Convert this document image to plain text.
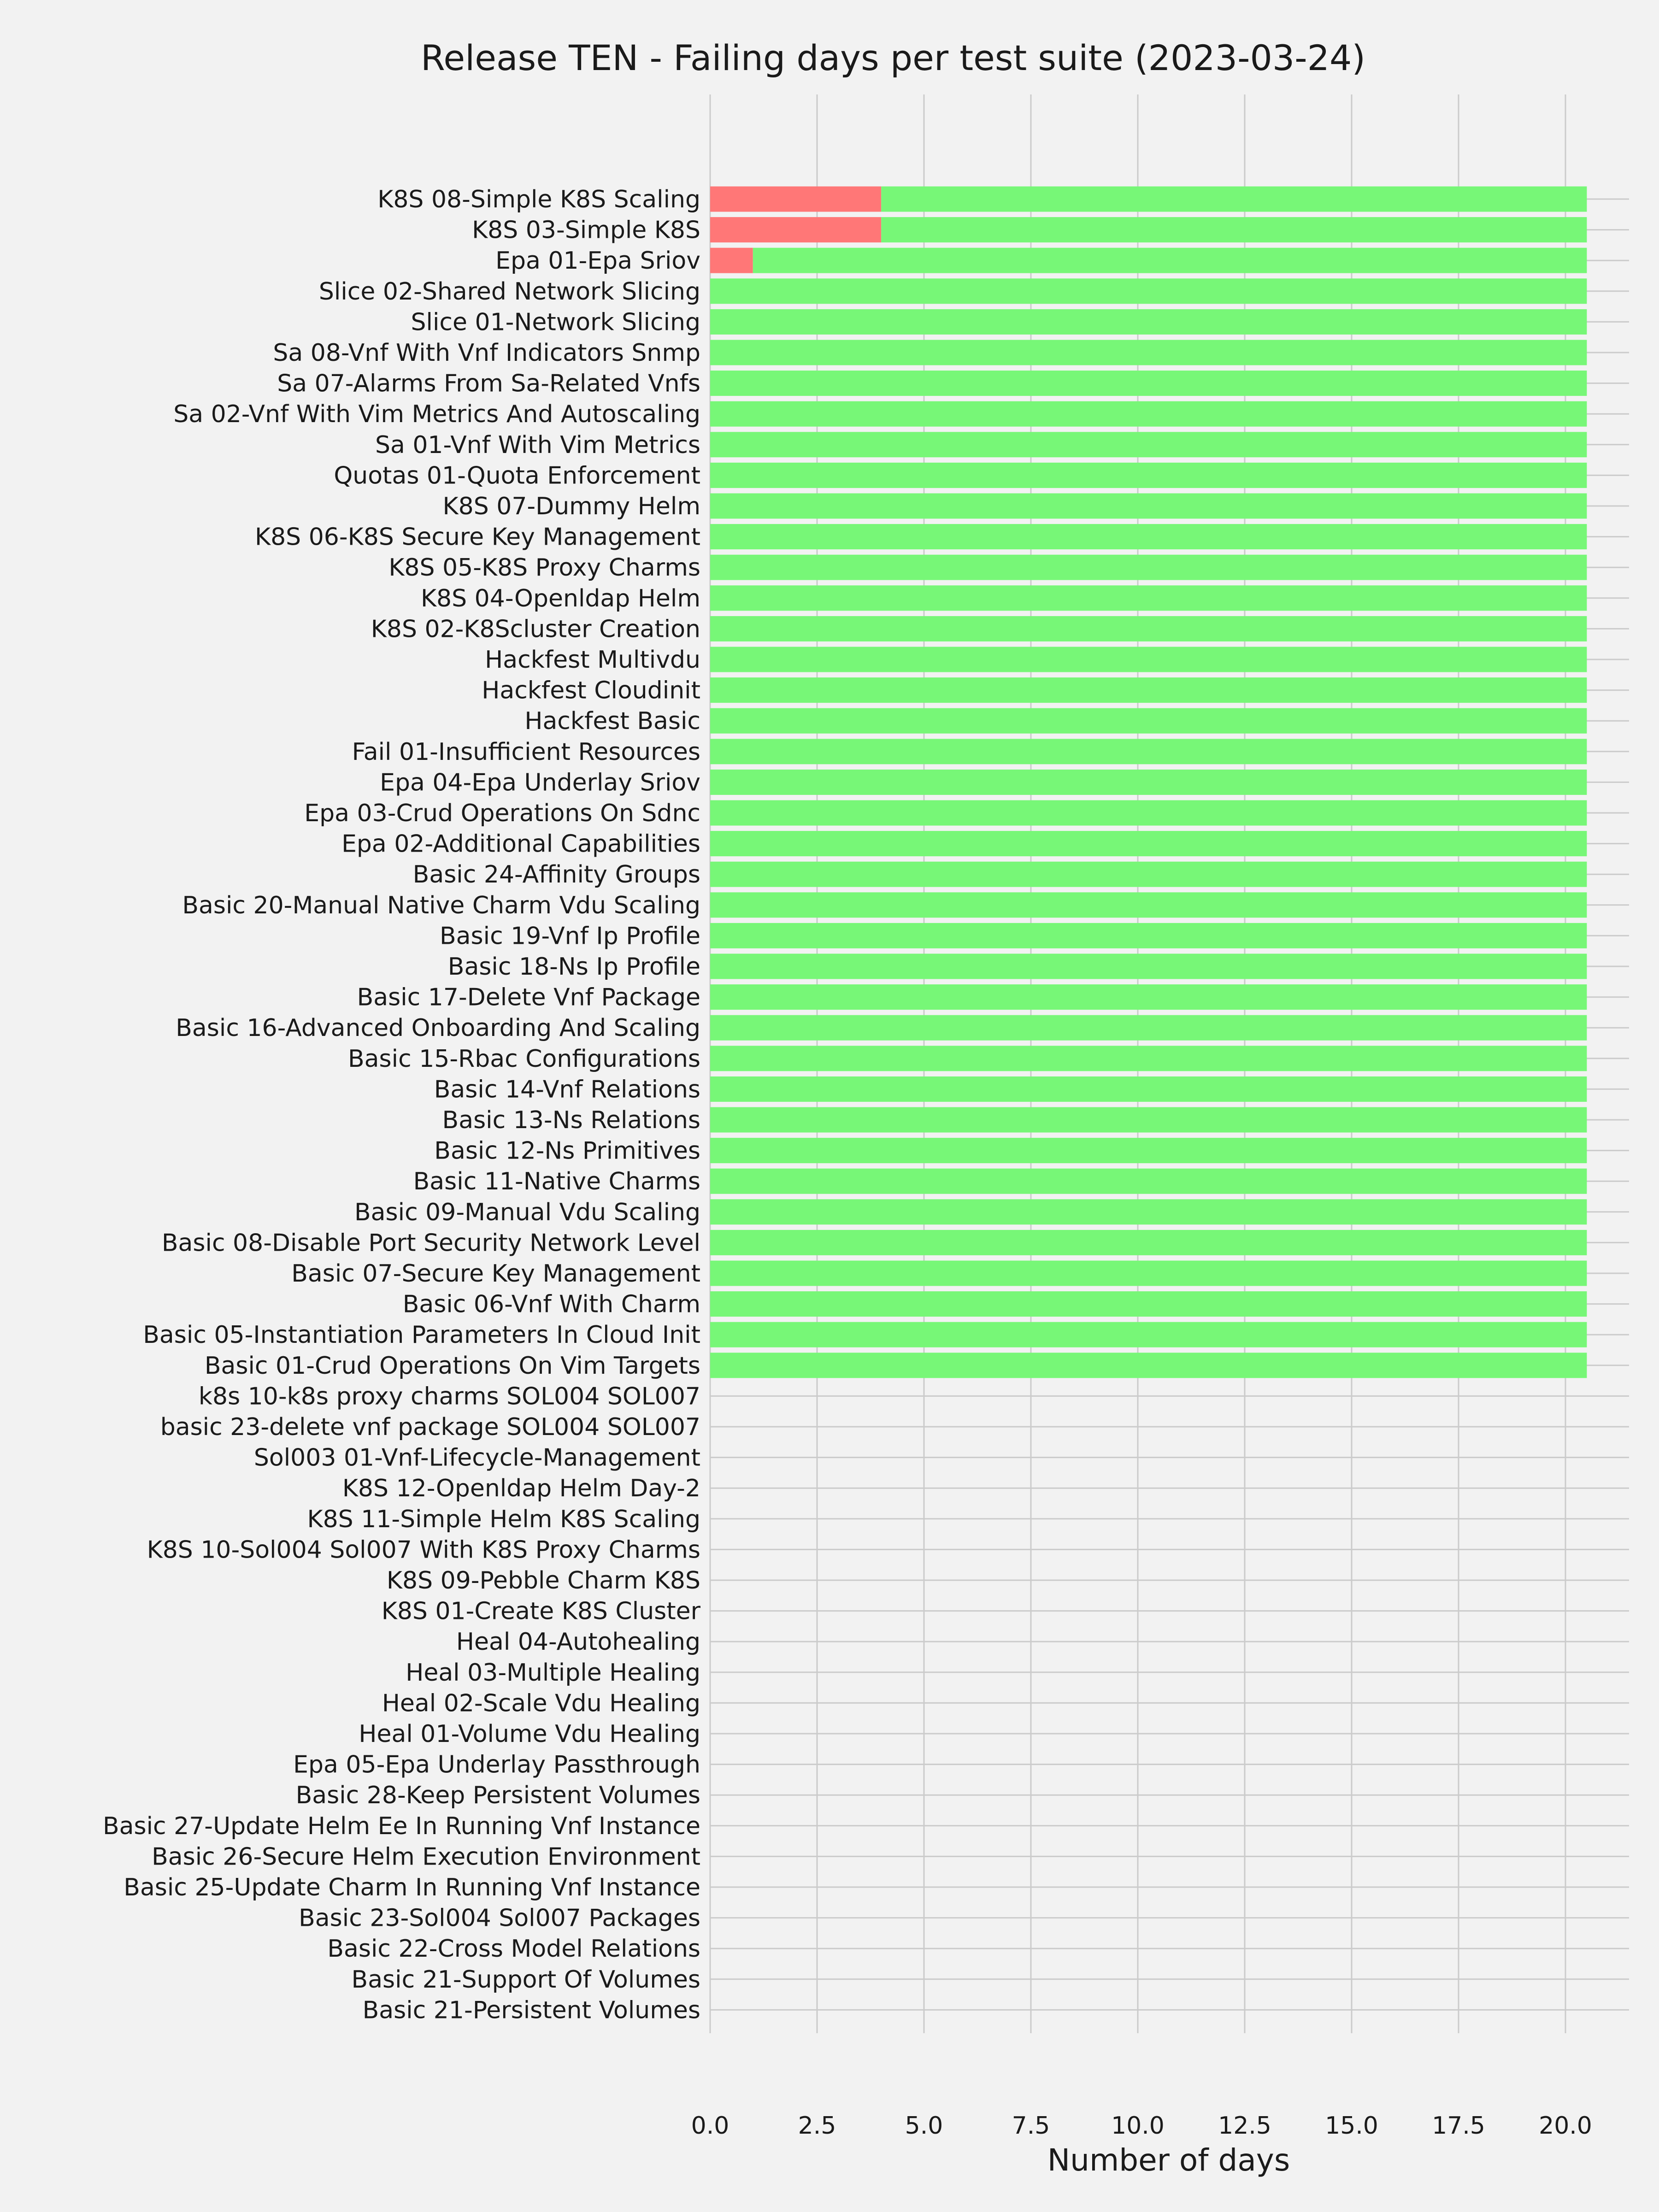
Release TEN - Failing days per test suite (2023-03-24)
K8S 08-Simple K8S Scaling
K8S 03-Simple K8S
Epa 01-Epa Sriov
Slice 02-Shared Network Slicing
Slice 01-Network Slicing
Sa 08-Vnf With Vnf Indicators Snmp
Sa 07-Alarms From Sa-Related Vnfs
Sa 02-Vnf With Vim Metrics And Autoscaling
Sa 01-Vnf With Vim Metrics
Quotas 01-Quota Enforcement
K8S 07-Dummy Helm
K8S 06-K8S Secure Key Management
K8S 05-K8S Proxy Charms
K8S 04-Openldap Helm
K8S 02-K8Scluster Creation
Hackfest Multivdu
Hackfest Cloudinit
Hackfest Basic
Fail 01-Insufficient Resources
Epa 04-Epa Underlay Sriov
Epa 03-Crud Operations On Sdnc
Epa 02-Additional Capabilities
Basic 24-Affinity Groups
Basic 20-Manual Native Charm Vdu Scaling
Basic 19-Vnf Ip Profile
Basic 18-Ns Ip Profile
Basic 17-Delete Vnf Package
Basic 16-Advanced Onboarding And Scaling
Basic 15-Rbac Configurations
Basic 14-Vnf Relations
Basic 13-Ns Relations
Basic 12-Ns Primitives
Basic 11-Native Charms
Basic 09-Manual Vdu Scaling
Basic 08-Disable Port Security Network Level
Basic 07-Secure Key Management
Basic 06-Vnf With Charm
Basic 05-Instantiation Parameters In Cloud Init
Basic 01-Crud Operations On Vim Targets
k8s 10-k8s proxy charms SOL004 SOL007
basic 23-delete vnf package SOL004 SOL007
Sol003 01-Vnf-Lifecycle-Management
K8S 12-Openldap Helm Day-2
K8S 11-Simple Helm K8S Scaling
K8S 10-Sol004 Sol007 With K8S Proxy Charms
K8S 09-Pebble Charm K8S
K8S 01-Create K8S Cluster
Heal 04-Autohealing
Heal 03-Multiple Healing
Heal 02-Scale Vdu Healing
Heal 01-Volume Vdu Healing
Epa 05-Epa Underlay Passthrough
Basic 28-Keep Persistent Volumes
Basic 27-Update Helm Ee In Running Vnf Instance
Basic 26-Secure Helm Execution Environment
Basic 25-Update Charm In Running Vnf Instance
Basic 23-Sol004 Sol007 Packages
Basic 22-Cross Model Relations
Basic 21-Support Of Volumes
Basic 21-Persistent Volumes
0.0	2.5	5.0	7.5	10.0 12.5 15.0 17.5 20.0
Number of days
